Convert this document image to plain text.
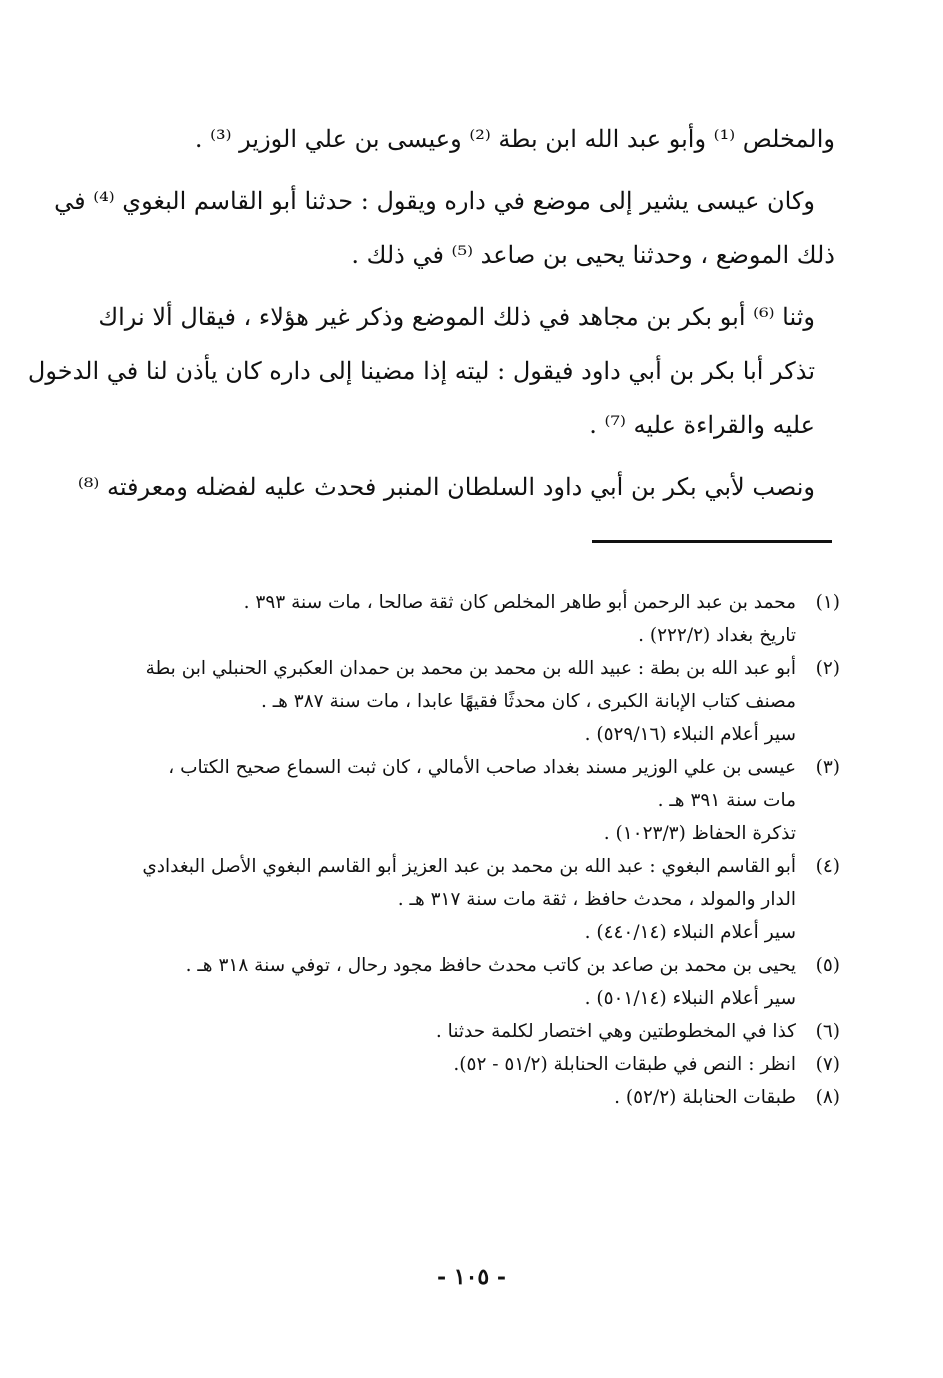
والمخلص ⁽¹⁾ وأبو عبد الله ابن بطة ⁽²⁾ وعيسى بن علي الوزير ⁽³⁾ .

وكان عيسى يشير إلى موضع في داره ويقول : حدثنا أبو القاسم البغوي ⁽⁴⁾ في
ذلك الموضع ، وحدثنا يحيى بن صاعد ⁽⁵⁾ في ذلك .

وثنا ⁽⁶⁾ أبو بكر بن مجاهد في ذلك الموضع وذكر غير هؤلاء ، فيقال ألا نراك
تذكر أبا بكر بن أبي داود فيقول : ليته إذا مضينا إلى داره كان يأذن لنا في الدخول
عليه والقراءة عليه ⁽⁷⁾ .

ونصب لأبي بكر بن أبي داود السلطان المنبر فحدث عليه لفضله ومعرفته ⁽⁸⁾

(١)
محمد بن عبد الرحمن أبو طاهر المخلص كان ثقة صالحا ، مات سنة ٣٩٣ .
تاريخ بغداد (٢٢٢/٢) .
(٢)
أبو عبد الله بن بطة : عبيد الله بن محمد بن محمد بن حمدان العكبري الحنبلي ابن بطة
مصنف كتاب الإبانة الكبرى ، كان محدثًا فقيهًا عابدا ، مات سنة ٣٨٧ هـ .
سير أعلام النبلاء (٥٢٩/١٦) .
(٣)
عيسى بن علي الوزير مسند بغداد صاحب الأمالي ، كان ثبت السماع صحيح الكتاب ،
مات سنة ٣٩١ هـ .
تذكرة الحفاظ (١٠٢٣/٣) .
(٤)
أبو القاسم البغوي : عبد الله بن محمد بن عبد العزيز أبو القاسم البغوي الأصل البغدادي
الدار والمولد ، محدث حافظ ، ثقة مات سنة ٣١٧ هـ .
سير أعلام النبلاء (٤٤٠/١٤) .
(٥)
يحيى بن محمد بن صاعد بن كاتب محدث حافظ مجود رحال ، توفي سنة ٣١٨ هـ .
سير أعلام النبلاء (٥٠١/١٤) .
(٦)
كذا في المخطوطتين وهي اختصار لكلمة حدثنا .
(٧)
انظر : النص في طبقات الحنابلة (٥١/٢ - ٥٢).
(٨)
طبقات الحنابلة (٥٢/٢) .
- ١٠٥ -
